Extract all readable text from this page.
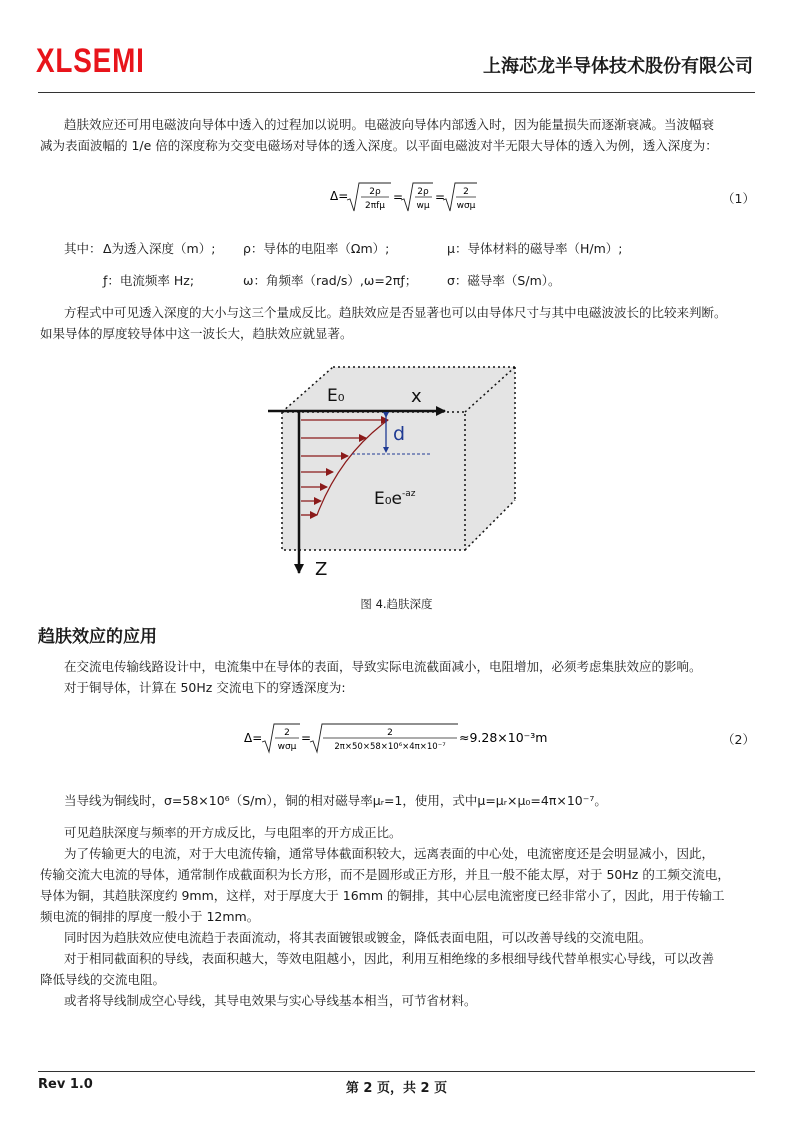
XLSEMI	上海芯龙半导体技术股份有限公司
趋肤效应还可用电磁波向导体中透入的过程加以说明。电磁波向导体内部透入时，因为能量损失而逐渐衰减。当波幅衰
减为表面波幅的 1/e 倍的深度称为交变电磁场对导体的透入深度。以平面电磁波对半无限大导体的透入为例，透入深度为：
Δ= 2ρ
2πfμ
= 2ρ
wμ
= 2
wσμ	（1）
其中： Δ为透入深度（m）; ρ：导体的电阻率（Ωm）;	μ：导体材料的磁导率（H/m）;
ƒ：电流频率 Hz;	ω：角频率（rad/s）,ω=2πƒ； σ：磁导率（S/m）。
方程式中可见透入深度的大小与这三个量成反比。趋肤效应是否显著也可以由导体尺寸与其中电磁波波长的比较来判断。
如果导体的厚度较导体中这一波长大，趋肤效应就显著。
E₀	x
d
$E_0e^{-az}$
Z
图 4.趋肤深度
趋肤效应的应用
在交流电传输线路设计中，电流集中在导体的表面，导致实际电流截面减小，电阻增加，必须考虑集肤效应的影响。
对于铜导体，计算在 50Hz 交流电下的穿透深度为:
Δ= 2
wσμ
=	2
2π×50×58×10⁶×4π×10⁻⁷
≈9.28×10⁻³m	（2）
当导线为铜线时，σ=58×10⁶（S/m），铜的相对磁导率μᵣ=1，使用，式中μ=μᵣ×μ₀=4π×10⁻⁷。
可见趋肤深度与频率的开方成反比，与电阻率的开方成正比。
为了传输更大的电流，对于大电流传输，通常导体截面积较大，远离表面的中心处，电流密度还是会明显减小，因此，
传输交流大电流的导体，通常制作成截面积为长方形，而不是圆形或正方形，并且一般不能太厚，对于 50Hz 的工频交流电，
导体为铜，其趋肤深度约 9mm，这样，对于厚度大于 16mm 的铜排，其中心层电流密度已经非常小了，因此，用于传输工
频电流的铜排的厚度一般小于 12mm。
同时因为趋肤效应使电流趋于表面流动，将其表面镀银或镀金，降低表面电阻，可以改善导线的交流电阻。
对于相同截面积的导线，表面积越大，等效电阻越小，因此，利用互相绝缘的多根细导线代替单根实心导线，可以改善
降低导线的交流电阻。
或者将导线制成空心导线，其导电效果与实心导线基本相当，可节省材料。
Rev 1.0	第 2 页，共 2 页
